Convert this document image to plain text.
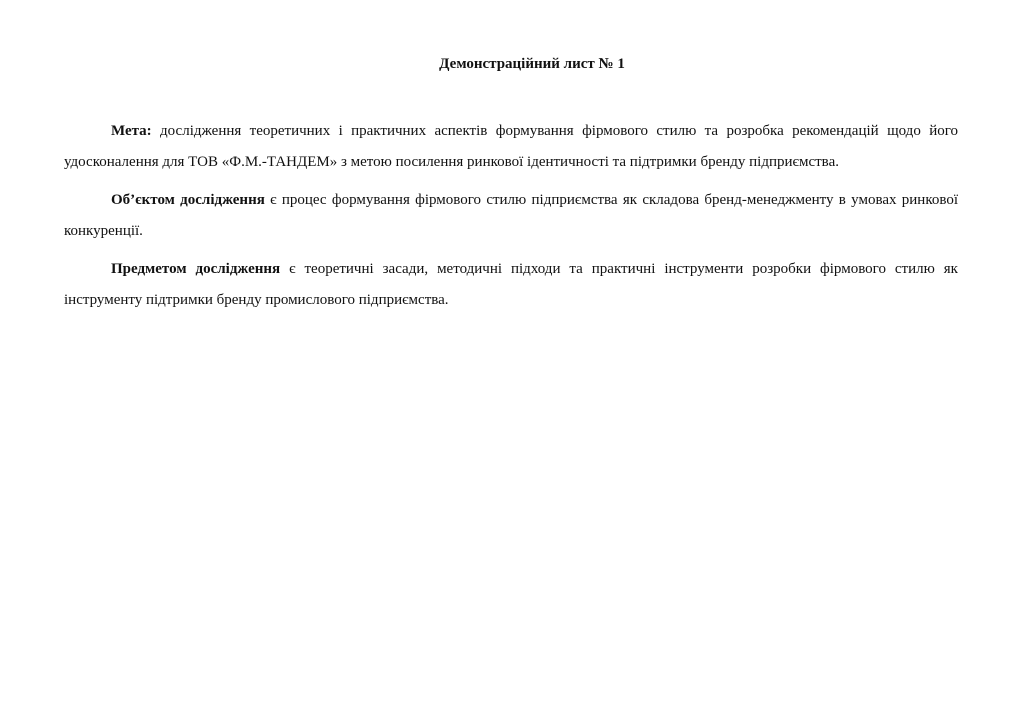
Демонстраційний лист № 1

Мета: дослідження теоретичних і практичних аспектів формування фірмового стилю та розробка рекомендацій щодо його удосконалення для ТОВ «Ф.М.-ТАНДЕМ» з метою посилення ринкової ідентичності та підтримки бренду підприємства.

Об’єктом дослідження є процес формування фірмового стилю підприємства як складова бренд-менеджменту в умовах ринкової конкуренції.

Предметом дослідження є теоретичні засади, методичні підходи та практичні інструменти розробки фірмового стилю як інструменту підтримки бренду промислового підприємства.
